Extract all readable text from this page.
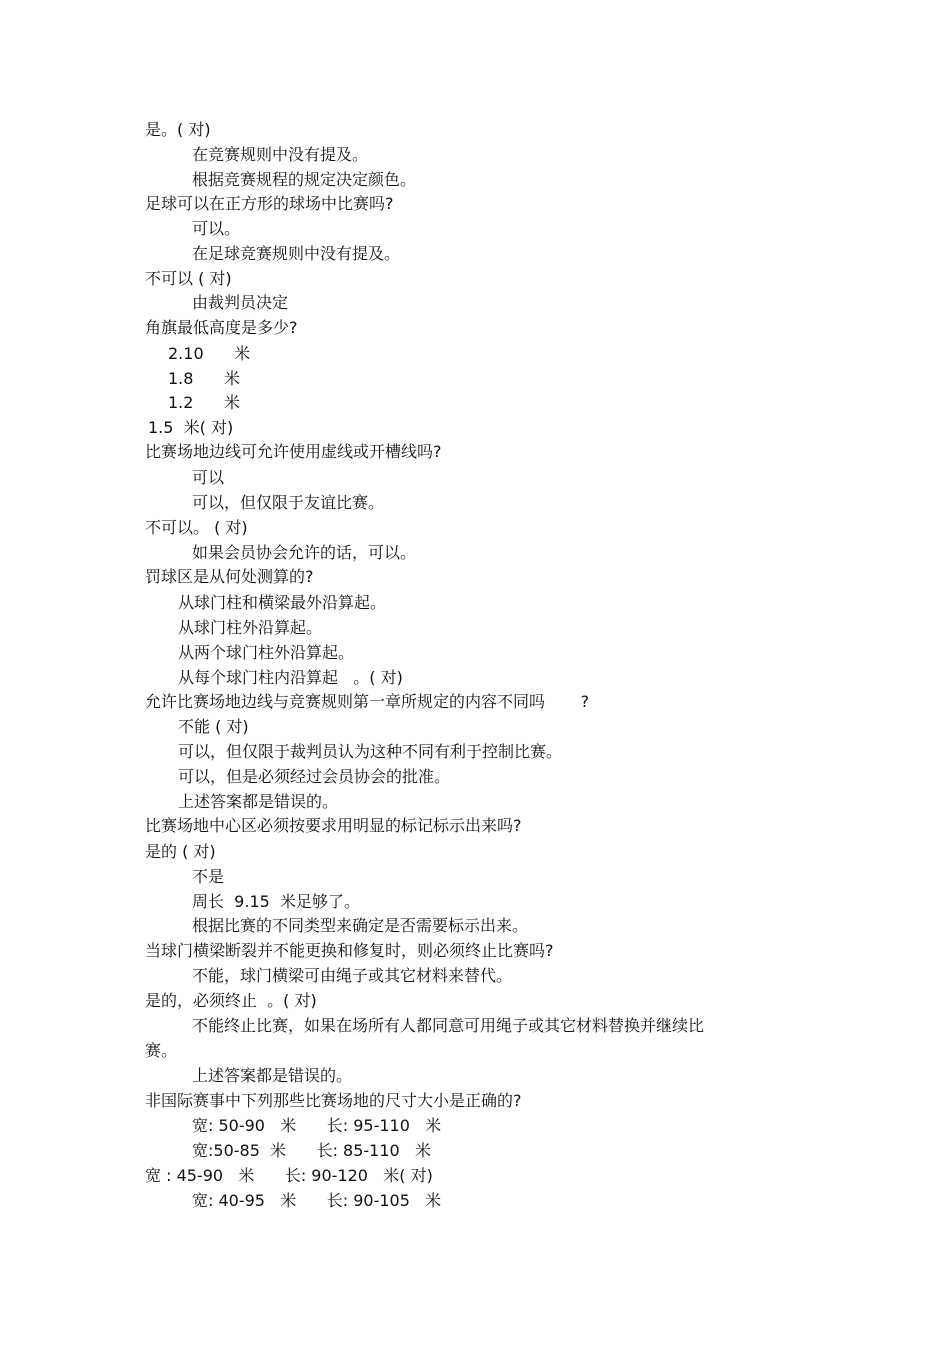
是。( 对)
在竞赛规则中没有提及。
根据竞赛规程的规定决定颜色。
足球可以在正方形的球场中比赛吗?
可以。
在足球竞赛规则中没有提及。
不可以 ( 对)
由裁判员决定
角旗最低高度是多少?
2.10      米
1.8      米
1.2      米
1.5  米( 对)
比赛场地边线可允许使用虚线或开槽线吗?
可以
可以，但仅限于友谊比赛。
不可以。 ( 对)
如果会员协会允许的话，可以。
罚球区是从何处测算的?
从球门柱和横梁最外沿算起。
从球门柱外沿算起。
从两个球门柱外沿算起。
从每个球门柱内沿算起   。( 对)
允许比赛场地边线与竞赛规则第一章所规定的内容不同吗       ?
不能 ( 对)
可以，但仅限于裁判员认为这种不同有利于控制比赛。
可以，但是必须经过会员协会的批准。
上述答案都是错误的。
比赛场地中心区必须按要求用明显的标记标示出来吗?
是的 ( 对)
不是
周长  9.15  米足够了。
根据比赛的不同类型来确定是否需要标示出来。
当球门横梁断裂并不能更换和修复时，则必须终止比赛吗?
不能，球门横梁可由绳子或其它材料来替代。
是的，必须终止  。( 对)
不能终止比赛，如果在场所有人都同意可用绳子或其它材料替换并继续比
赛。
上述答案都是错误的。
非国际赛事中下列那些比赛场地的尺寸大小是正确的?
宽: 50-90   米      长: 95-110   米
宽:50-85  米      长: 85-110   米
宽 : 45-90   米      长: 90-120   米( 对)
宽: 40-95   米      长: 90-105   米
